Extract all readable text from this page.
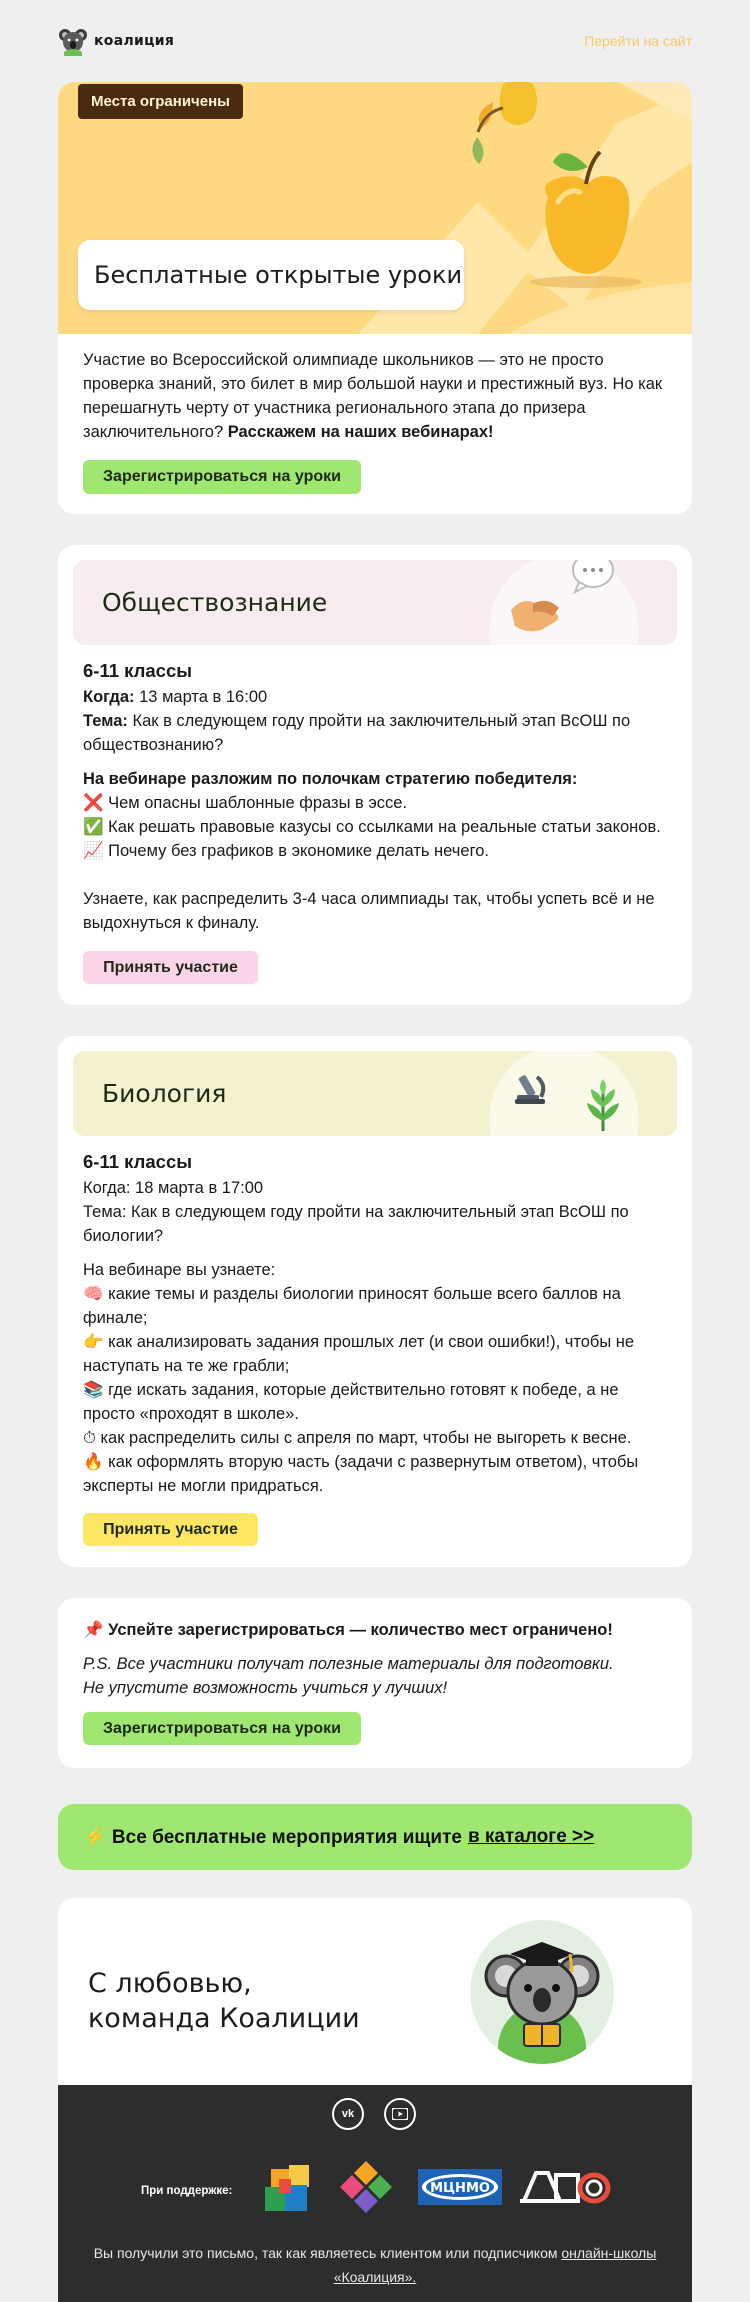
коалиция	Перейти на сайт
Места ограничены
Бесплатные открытые уроки
Участие во Всероссийской олимпиаде школьников — это не просто проверка знаний, это билет в мир большой науки и престижный вуз. Но как перешагнуть черту от участника регионального этапа до призера заключительного? Расскажем на наших вебинарах!
Зарегистрироваться на уроки
Обществознание

6-11 классы

Когда: 13 марта в 16:00

Тема: Как в следующем году пройти на заключительный этап ВсОШ по обществознанию?

На вебинаре разложим по полочкам стратегию победителя:

❌ Чем опасны шаблонные фразы в эссе.

✅ Как решать правовые казусы со ссылками на реальные статьи законов.

📈 Почему без графиков в экономике делать нечего.

Узнаете, как распределить 3-4 часа олимпиады так, чтобы успеть всё и не выдохнуться к финалу.

Принять участие
Биология

6-11 классы

Когда: 18 марта в 17:00

Тема: Как в следующем году пройти на заключительный этап ВсОШ по биологии?

На вебинаре вы узнаете:

🧠 какие темы и разделы биологии приносят больше всего баллов на финале;

👉 как анализировать задания прошлых лет (и свои ошибки!), чтобы не наступать на те же грабли;

📚 где искать задания, которые действительно готовят к победе, а не просто «проходят в школе».

⏱ как распределить силы с апреля по март, чтобы не выгореть к весне.

🔥 как оформлять вторую часть (задачи с развернутым ответом), чтобы эксперты не могли придраться.

Принять участие

📌 Успейте зарегистрироваться — количество мест ограничено!

P.S. Все участники получат полезные материалы для подготовки.

Не упустите возможность учиться у лучших!

Зарегистрироваться на уроки
⚡ Все бесплатные мероприятия ищите в каталоге >>
С любовью,
команда Коалиции
vk
При поддержке:	МЦНМО
Вы получили это письмо, так как являетесь клиентом или подписчиком онлайн-школы
«Коалиция».
